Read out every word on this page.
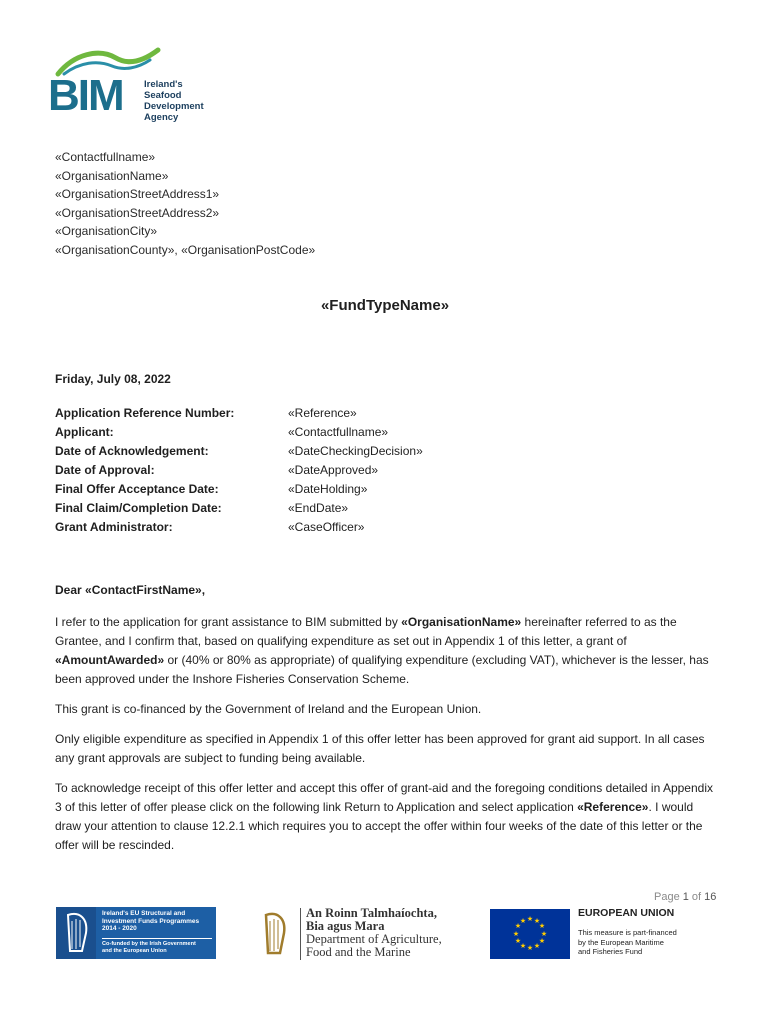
BIM Ireland's
Seafood
Development
Agency
«Contactfullname»
«OrganisationName»
«OrganisationStreetAddress1»
«OrganisationStreetAddress2»
«OrganisationCity»
«OrganisationCounty», «OrganisationPostCode»
«FundTypeName»
Friday, July 08, 2022
Application Reference Number:	«Reference»
Applicant:	«Contactfullname»
Date of Acknowledgement:	«DateCheckingDecision»
Date of Approval:	«DateApproved»
Final Offer Acceptance Date:	«DateHolding»
Final Claim/Completion Date:	«EndDate»
Grant Administrator:	«CaseOfficer»
Dear «ContactFirstName»,

I refer to the application for grant assistance to BIM submitted by «OrganisationName» hereinafter referred to as the Grantee, and I confirm that, based on qualifying expenditure as set out in Appendix 1 of this letter, a grant of «AmountAwarded» or (40% or 80% as appropriate) of qualifying expenditure (excluding VAT), whichever is the lesser, has been approved under the Inshore Fisheries Conservation Scheme.

This grant is co-financed by the Government of Ireland and the European Union.

Only eligible expenditure as specified in Appendix 1 of this offer letter has been approved for grant aid support. In all cases any grant approvals are subject to funding being available.

To acknowledge receipt of this offer letter and accept this offer of grant-aid and the foregoing conditions detailed in Appendix 3 of this letter of offer please click on the following link Return to Application and select application «Reference». I would draw your attention to clause 12.2.1 which requires you to accept the offer within four weeks of the date of this letter or the offer will be rescinded.

Page 1 of 16
Ireland's EU Structural and
Investment Funds Programmes
2014 - 2020
Co-funded by the Irish Government
and the European Union
An Roinn Talmhaíochta,
Bia agus Mara
Department of Agriculture,
Food and the Marine
★ ★
★
★
★
★
★
★
★
★
★
★
EUROPEAN UNION
This measure is part-financed
by the European Maritime
and Fisheries Fund
